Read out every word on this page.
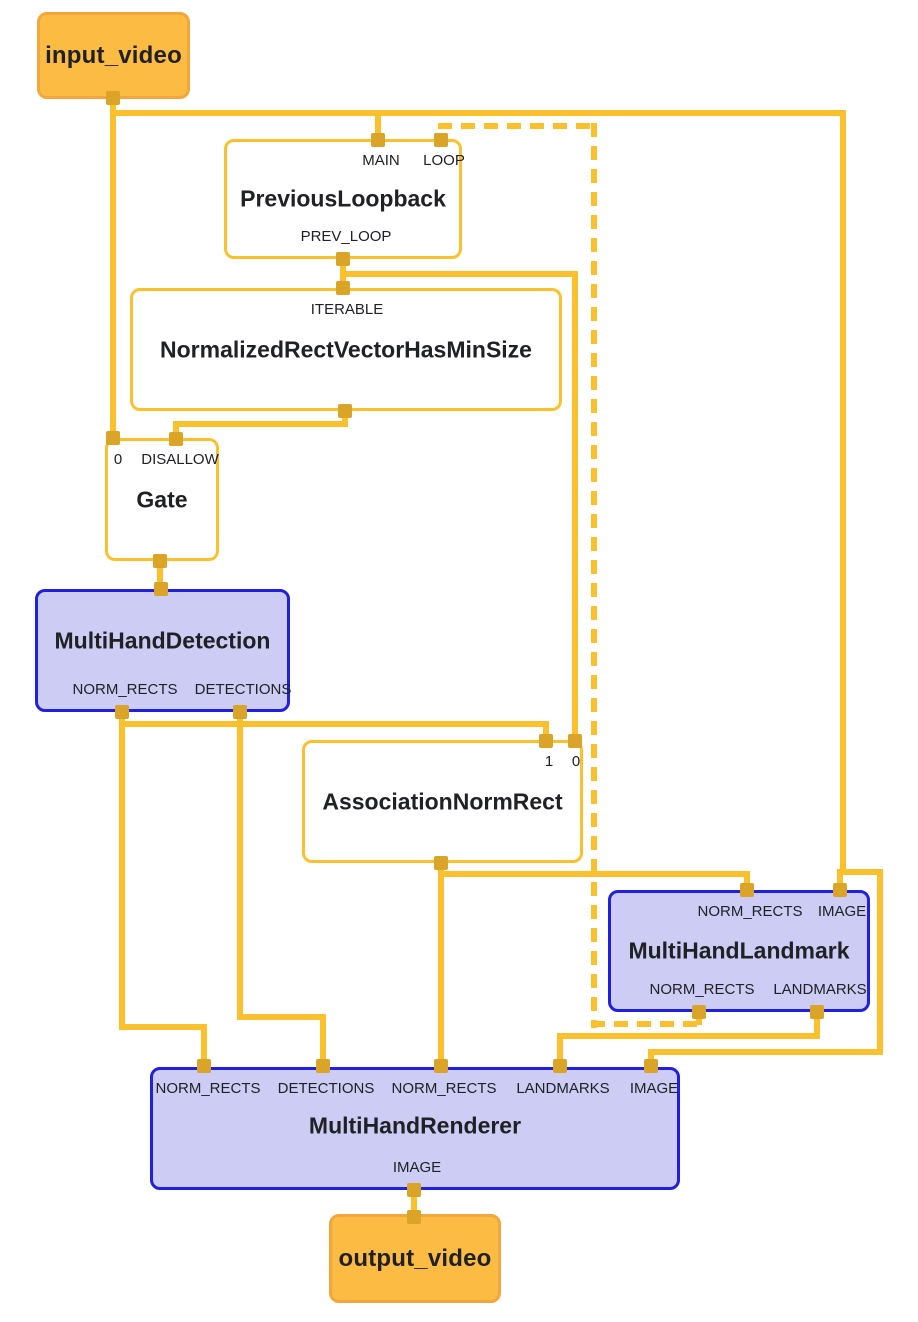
input_video
MAIN LOOP
PreviousLoopback
PREV_LOOP
ITERABLE
NormalizedRectVectorHasMinSize
0 DISALLOW
Gate
MultiHandDetection
NORM_RECTS DETECTIONS
1 0
AssociationNormRect
NORM_RECTS IMAGE
MultiHandLandmark
NORM_RECTS LANDMARKS
NORM_RECTS DETECTIONS NORM_RECTS LANDMARKS IMAGE
MultiHandRenderer
IMAGE
output_video
